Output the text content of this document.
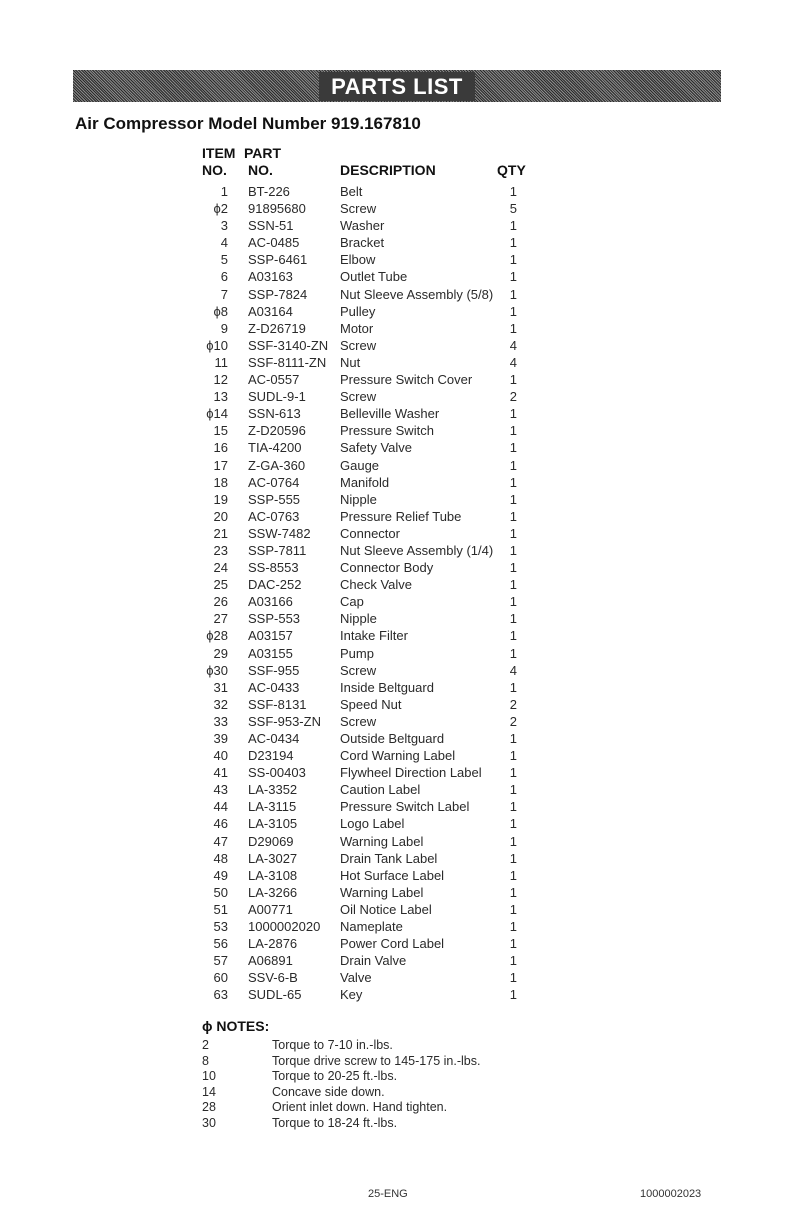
PARTS LIST
Air Compressor Model Number 919.167810
ITEM PART
NO. NO.	DESCRIPTION	QTY
1 BT-226	Belt	1
ϕ2 91895680	Screw	5
3 SSN-51	Washer	1
4 AC-0485	Bracket	1
5 SSP-6461	Elbow	1
6 A03163	Outlet Tube	1
7 SSP-7824	Nut Sleeve Assembly (5/8)	1
ϕ8 A03164	Pulley	1
9 Z-D26719	Motor	1
ϕ10 SSF-3140-ZN Screw	4
11 SSF-8111-ZN Nut	4
12 AC-0557	Pressure Switch Cover	1
13 SUDL-9-1	Screw	2
ϕ14 SSN-613	Belleville Washer	1
15 Z-D20596	Pressure Switch	1
16 TIA-4200	Safety Valve	1
17 Z-GA-360	Gauge	1
18 AC-0764	Manifold	1
19 SSP-555	Nipple	1
20 AC-0763	Pressure Relief Tube	1
21 SSW-7482 Connector	1
23 SSP-7811	Nut Sleeve Assembly (1/4)	1
24 SS-8553	Connector Body	1
25 DAC-252	Check Valve	1
26 A03166	Cap	1
27 SSP-553	Nipple	1
ϕ28 A03157	Intake Filter	1
29 A03155	Pump	1
ϕ30 SSF-955	Screw	4
31 AC-0433	Inside Beltguard	1
32 SSF-8131	Speed Nut	2
33 SSF-953-ZN Screw	2
39 AC-0434	Outside Beltguard	1
40 D23194	Cord Warning Label	1
41 SS-00403	Flywheel Direction Label	1
43 LA-3352	Caution Label	1
44 LA-3115	Pressure Switch Label	1
46 LA-3105	Logo Label	1
47 D29069	Warning Label	1
48 LA-3027	Drain Tank Label	1
49 LA-3108	Hot Surface Label	1
50 LA-3266	Warning Label	1
51 A00771	Oil Notice Label	1
53 1000002020 Nameplate	1
56 LA-2876	Power Cord Label	1
57 A06891	Drain Valve	1
60 SSV-6-B	Valve	1
63 SUDL-65	Key	1
ϕ NOTES:
2	Torque to 7-10 in.-lbs.
8	Torque drive screw to 145-175 in.-lbs.
10	Torque to 20-25 ft.-lbs.
14	Concave side down.
28	Orient inlet down. Hand tighten.
30	Torque to 18-24 ft.-lbs.
25-ENG	1000002023
